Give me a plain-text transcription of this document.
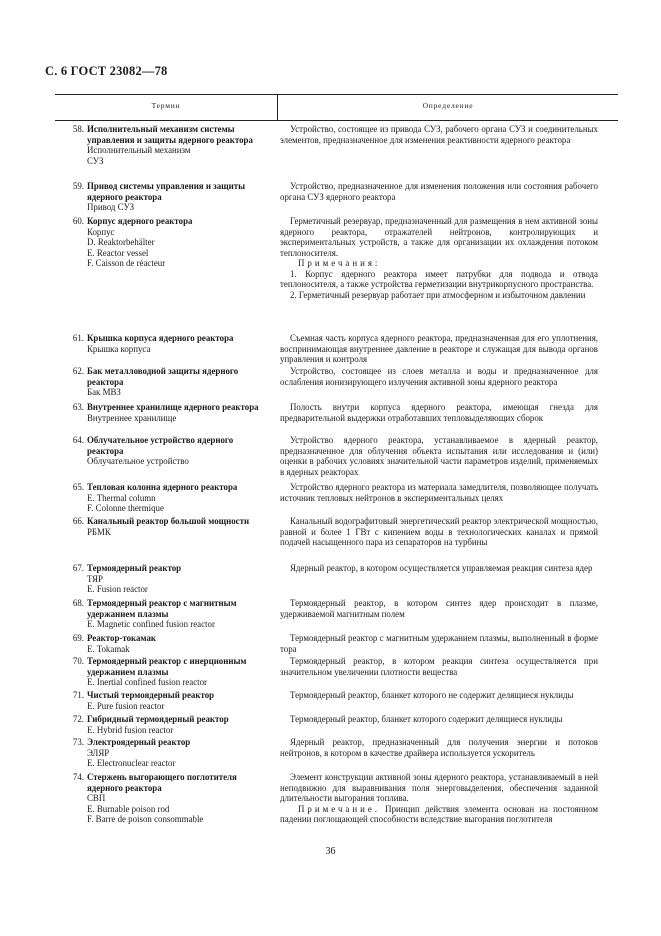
С. 6 ГОСТ 23082—78
Термин	Определение
58. Исполнительный механизм системы управления и защиты ядерного реактора
Исполнительный механизм
СУЗ
59. Привод системы управления и защиты ядерного реактора
Привод СУЗ
60. Корпус ядерного реактора
Корпус
D. Reaktorbehälter
E. Reactor vessel
F. Caisson de réacteur
61. Крышка корпуса ядерного реактора
Крышка корпуса
62. Бак металловодной защиты ядерного реактора
Бак МВЗ
63. Внутреннее хранилище ядерного реактора
Внутреннее хранилище
64. Облучательное устройство ядерного реактора
Облучательное устройство
65. Тепловая колонна ядерного реактора
E. Thermal column
F. Colonne thermique
66. Канальный реактор большой мощности
РБМК
67. Термоядерный реактор
ТЯР
E. Fusion reactor
68. Термоядерный реактор с магнитным удержанием плазмы
E. Magnetic confined fusion reactor
69. Реактор-токамак
E. Tokamak
70. Термоядерный реактор с инерционным удержанием плазмы
E. Inertial confined fusion reactor
71. Чистый термоядерный реактор
E. Pure fusion reactor
72. Гибридный термоядерный реактор
E. Hybrid fusion reactor
73. Электроядерный реактор
ЭЛЯР
E. Electronuclear reactor
74. Стержень выгорающего поглотителя ядерного реактора
СВП
E. Burnable poison rod
F. Barre de poison consommable
Устройство, состоящее из привода СУЗ, рабочего органа СУЗ и соединительных элементов, предназначенное для изменения реактивности ядерного реактора
Устройство, предназначенное для изменения положения или состояния рабочего органа СУЗ ядерного реактора
Герметичный резервуар, предназначенный для размещения в нем активной зоны ядерного реактора, отражателей нейтронов, контролирующих и экспериментальных устройств, а также для организации их охлаждения потоком теплоносителя.
Примечания:
1. Корпус ядерного реактора имеет патрубки для подвода и отвода теплоносителя, а также устройства герметизации внутрикорпусного пространства.
2. Герметичный резервуар работает при атмосферном и избыточном давлении
Съемная часть корпуса ядерного реактора, предназначенная для его уплотнения, воспринимающая внутреннее давление в реакторе и служащая для вывода органов управления и контроля
Устройство, состоящее из слоев металла и воды и предназначенное для ослабления ионизирующего излучения активной зоны ядерного реактора
Полость внутри корпуса ядерного реактора, имеющая гнезда для предварительной выдержки отработавших тепловыделяющих сборок
Устройство ядерного реактора, устанавливаемое в ядерный реактор, предназначенное для облучения объекта испытания или исследования и (или) оценки в рабочих условиях значительной части параметров изделий, применяемых в ядерных реакторах
Устройство ядерного реактора из материала замедлителя, позволяющее получать источник тепловых нейтронов в экспериментальных целях
Канальный водографитовый энергетический реактор электрической мощностью, равной и более 1 ГВт с кипением воды в технологических каналах и прямой подачей насыщенного пара из сепараторов на турбины
Ядерный реактор, в котором осуществляется управляемая реакция синтеза ядер
Термоядерный реактор, в котором синтез ядер происходит в плазме, удерживаемой магнитным полем
Термоядерный реактор с магнитным удержанием плазмы, выполненный в форме тора
Термоядерный реактор, в котором реакция синтеза осуществляется при значительном увеличении плотности вещества
Термоядерный реактор, бланкет которого не содержит делящиеся нуклиды
Термоядерный реактор, бланкет которого содержит делящиеся нуклиды
Ядерный реактор, предназначенный для получения энергии и потоков нейтронов, в котором в качестве драйвера используется ускоритель
Элемент конструкции активной зоны ядерного реактора, устанавливаемый в ней неподвижно для выравнивания поля энерговыделения, обеспечения заданной длительности выгорания топлива.
Примечание. Принцип действия элемента основан на постоянном падении поглощающей способности вследствие выгорания поглотителя
36
